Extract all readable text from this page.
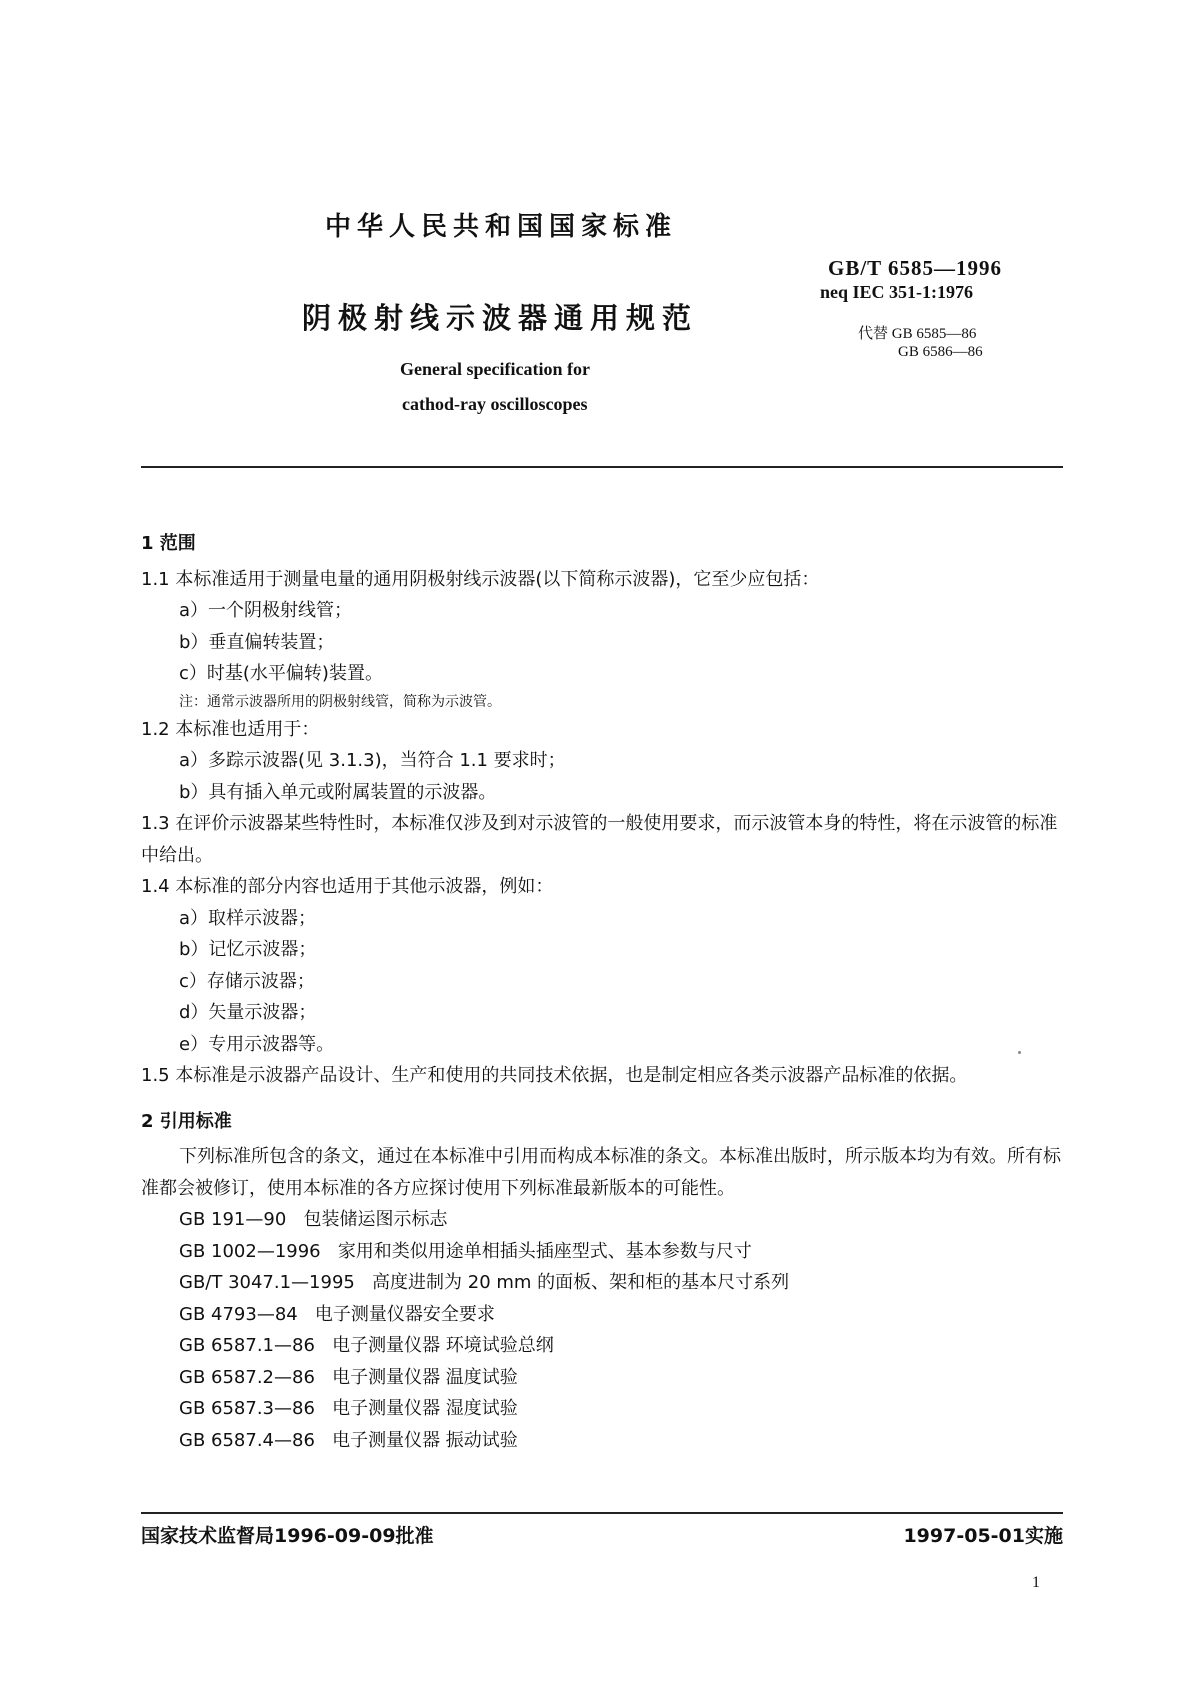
中华人民共和国国家标准
GB/T 6585—1996
neq IEC 351-1:1976
阴极射线示波器通用规范	代替 GB 6585—86
GB 6586—86
General specification for
cathod-ray oscilloscopes
1 范围
1.1 本标准适用于测量电量的通用阴极射线示波器(以下简称示波器)，它至少应包括：
a）一个阴极射线管；
b）垂直偏转装置；
c）时基(水平偏转)装置。
注：通常示波器所用的阴极射线管，简称为示波管。
1.2 本标准也适用于：
a）多踪示波器(见 3.1.3)，当符合 1.1 要求时；
b）具有插入单元或附属装置的示波器。
1.3 在评价示波器某些特性时，本标准仅涉及到对示波管的一般使用要求，而示波管本身的特性，将在示波管的标准中给出。
1.4 本标准的部分内容也适用于其他示波器，例如：
a）取样示波器；
b）记忆示波器；
c）存储示波器；
d）矢量示波器；
e）专用示波器等。
1.5 本标准是示波器产品设计、生产和使用的共同技术依据，也是制定相应各类示波器产品标准的依据。
2 引用标准
下列标准所包含的条文，通过在本标准中引用而构成本标准的条文。本标准出版时，所示版本均为有效。所有标准都会被修订，使用本标准的各方应探讨使用下列标准最新版本的可能性。
GB 191—90 包装储运图示标志
GB 1002—1996 家用和类似用途单相插头插座型式、基本参数与尺寸
GB/T 3047.1—1995 高度进制为 20 mm 的面板、架和柜的基本尺寸系列
GB 4793—84 电子测量仪器安全要求
GB 6587.1—86 电子测量仪器 环境试验总纲
GB 6587.2—86 电子测量仪器 温度试验
GB 6587.3—86 电子测量仪器 湿度试验
GB 6587.4—86 电子测量仪器 振动试验
国家技术监督局1996-09-09批准	1997-05-01实施
1
